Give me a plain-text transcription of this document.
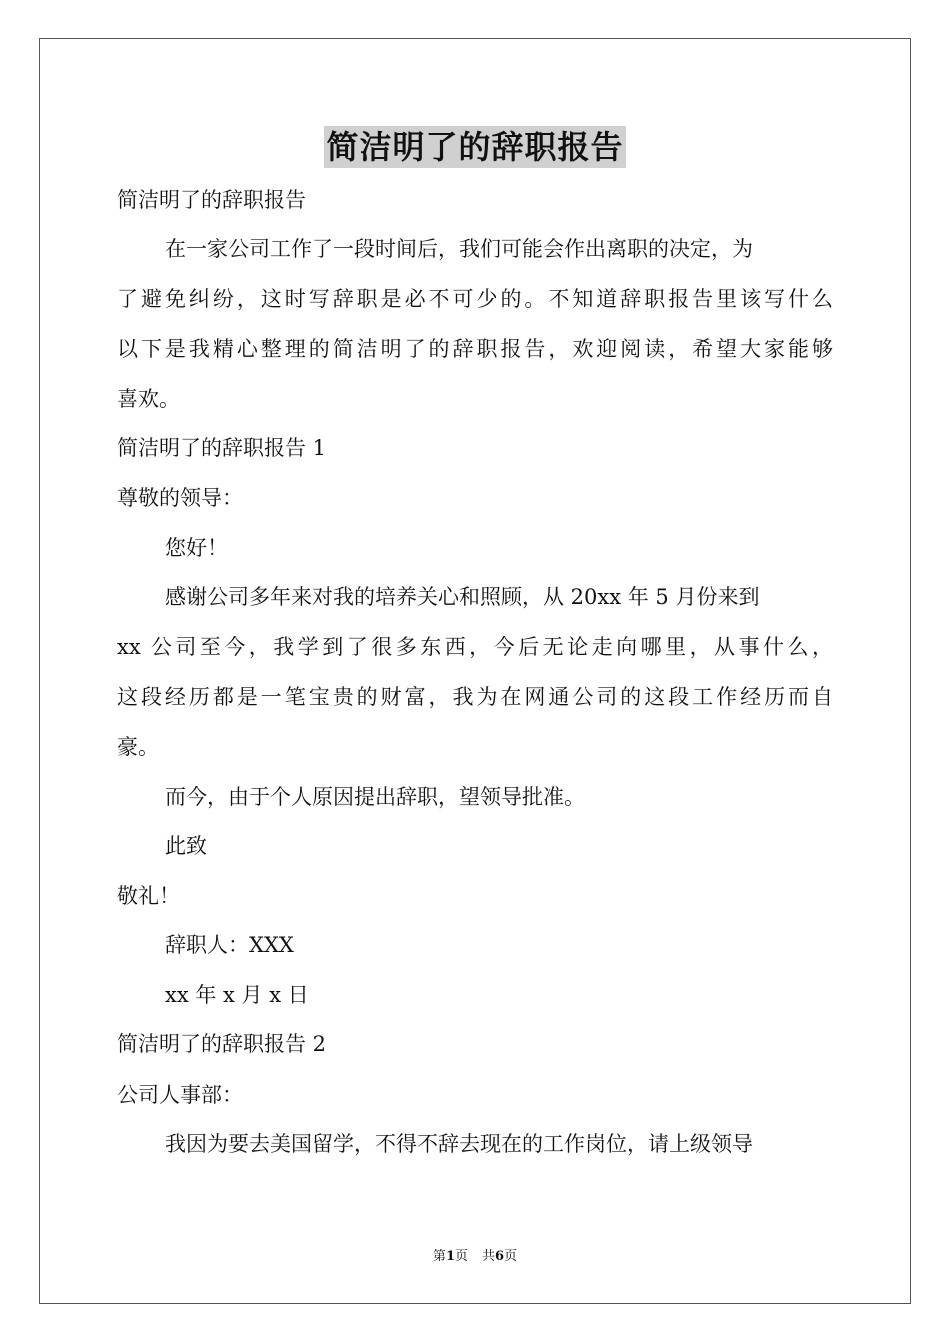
简洁明了的辞职报告
简洁明了的辞职报告
在一家公司工作了一段时间后，我们可能会作出离职的决定，为
了避免纠纷，这时写辞职是必不可少的。不知道辞职报告里该写什么
以下是我精心整理的简洁明了的辞职报告，欢迎阅读，希望大家能够
喜欢。
简洁明了的辞职报告 1
尊敬的领导：
您好！
感谢公司多年来对我的培养关心和照顾，从 20xx 年 5 月份来到
xx 公司至今，我学到了很多东西，今后无论走向哪里，从事什么，
这段经历都是一笔宝贵的财富，我为在网通公司的这段工作经历而自
豪。
而今，由于个人原因提出辞职，望领导批准。
此致
敬礼！
辞职人：XXX
xx 年 x 月 x 日
简洁明了的辞职报告 2
公司人事部：
我因为要去美国留学，不得不辞去现在的工作岗位，请上级领导
第1页 共6页
